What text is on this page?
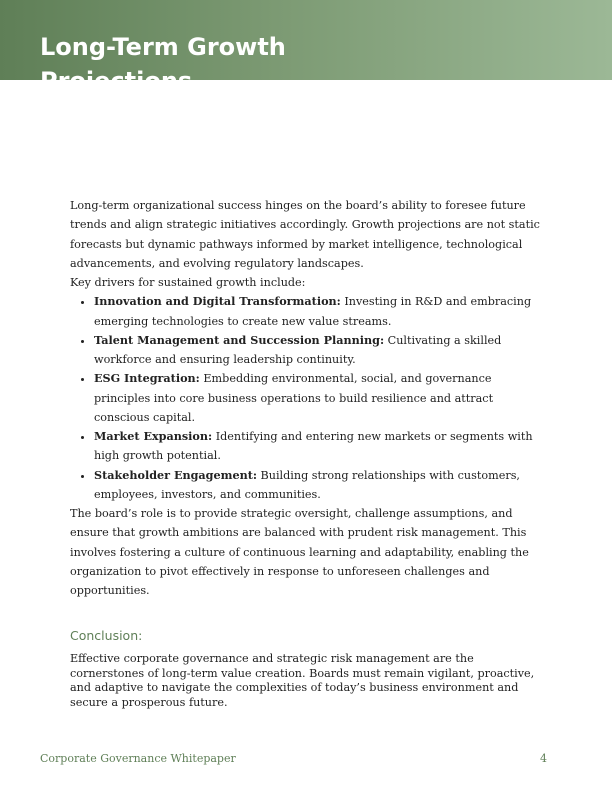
Long-Term Growth Projections

Long-term organizational success hinges on the board’s ability to foresee future trends and align strategic initiatives accordingly. Growth projections are not static forecasts but dynamic pathways informed by market intelligence, technological advancements, and evolving regulatory landscapes.

Key drivers for sustained growth include:

• Innovation and Digital Transformation: Investing in R&D and embracing emerging technologies to create new value streams.
• Talent Management and Succession Planning: Cultivating a skilled workforce and ensuring leadership continuity.
• ESG Integration: Embedding environmental, social, and governance principles into core business operations to build resilience and attract conscious capital.
• Market Expansion: Identifying and entering new markets or segments with high growth potential.
• Stakeholder Engagement: Building strong relationships with customers, employees, investors, and communities.

The board’s role is to provide strategic oversight, challenge assumptions, and ensure that growth ambitions are balanced with prudent risk management. This involves fostering a culture of continuous learning and adaptability, enabling the organization to pivot effectively in response to unforeseen challenges and opportunities.

Conclusion:
Effective corporate governance and strategic risk management are the cornerstones of long-term value creation. Boards must remain vigilant, proactive, and adaptive to navigate the complexities of today’s business environment and secure a prosperous future.
Corporate Governance Whitepaper	4
